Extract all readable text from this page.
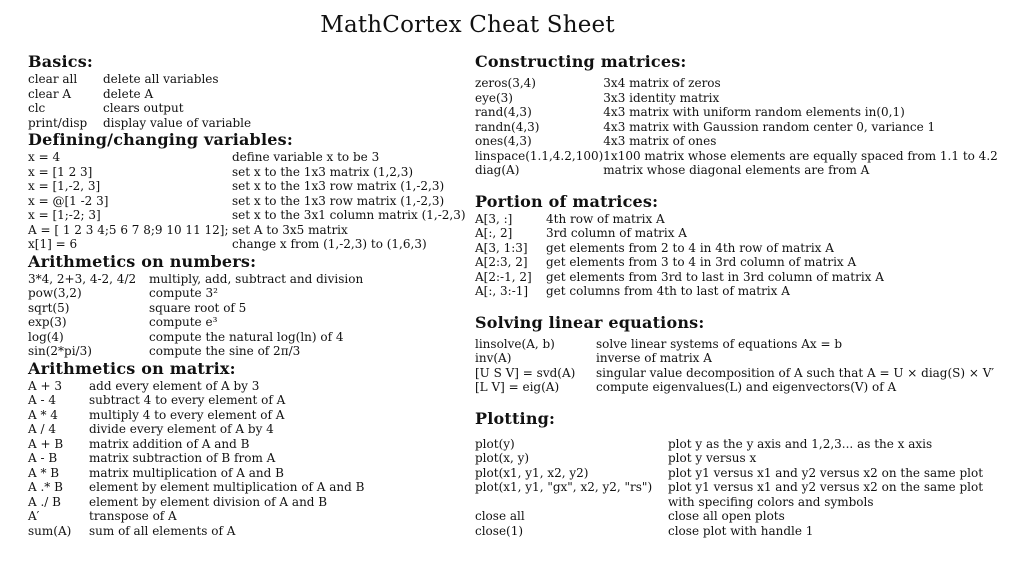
MathCortex Cheat Sheet
Basics:
clear all	delete all variables
clear A	delete A
clc	clears output
print/disp	display value of variable
Defining/changing variables:
x = 4	define variable x to be 3
x = [1 2 3]	set x to the 1x3 matrix (1,2,3)
x = [1,-2, 3]	set x to the 1x3 row matrix (1,-2,3)
x = @[1 -2 3]	set x to the 1x3 row matrix (1,-2,3)
x = [1;-2; 3]	set x to the 3x1 column matrix (1,-2,3)
A = [ 1 2 3 4;5 6 7 8;9 10 11 12];	set A to 3x5 matrix
x[1] = 6	change x from (1,-2,3) to (1,6,3)
Arithmetics on numbers:
3*4, 2+3, 4-2, 4/2	multiply, add, subtract and division
pow(3,2)	compute 3²
sqrt(5)	square root of 5
exp(3)	compute e³
log(4)	compute the natural log(ln) of 4
sin(2*pi/3)	compute the sine of 2π/3
Arithmetics on matrix:
A + 3	add every element of A by 3
A - 4	subtract 4 to every element of A
A * 4	multiply 4 to every element of A
A / 4	divide every element of A by 4
A + B	matrix addition of A and B
A - B	matrix subtraction of B from A
A * B	matrix multiplication of A and B
A .* B	element by element multiplication of A and B
A ./ B	element by element division of A and B
A′	transpose of A
sum(A)	sum of all elements of A
Constructing matrices:
zeros(3,4)	3x4 matrix of zeros
eye(3)	3x3 identity matrix
rand(4,3)	4x3 matrix with uniform random elements in(0,1)
randn(4,3)	4x3 matrix with Gaussion random center 0, variance 1
ones(4,3)	4x3 matrix of ones
linspace(1.1,4.2,100)	1x100 matrix whose elements are equally spaced from 1.1 to 4.2
diag(A)	matrix whose diagonal elements are from A
Portion of matrices:
A[3, :]	4th row of matrix A
A[:, 2]	3rd column of matrix A
A[3, 1:3]	get elements from 2 to 4 in 4th row of matrix A
A[2:3, 2]	get elements from 3 to 4 in 3rd column of matrix A
A[2:-1, 2]	get elements from 3rd to last in 3rd column of matrix A
A[:, 3:-1]	get columns from 4th to last of matrix A
Solving linear equations:
linsolve(A, b)	solve linear systems of equations Ax = b
inv(A)	inverse of matrix A
[U S V] = svd(A)	singular value decomposition of A such that A = U × diag(S) × V′
[L V] = eig(A)	compute eigenvalues(L) and eigenvectors(V) of A
Plotting:
plot(y)	plot y as the y axis and 1,2,3... as the x axis
plot(x, y)	plot y versus x
plot(x1, y1, x2, y2)	plot y1 versus x1 and y2 versus x2 on the same plot
plot(x1, y1, "gx", x2, y2, "rs")	plot y1 versus x1 and y2 versus x2 on the same plot
	with specifing colors and symbols
close all	close all open plots
close(1)	close plot with handle 1
